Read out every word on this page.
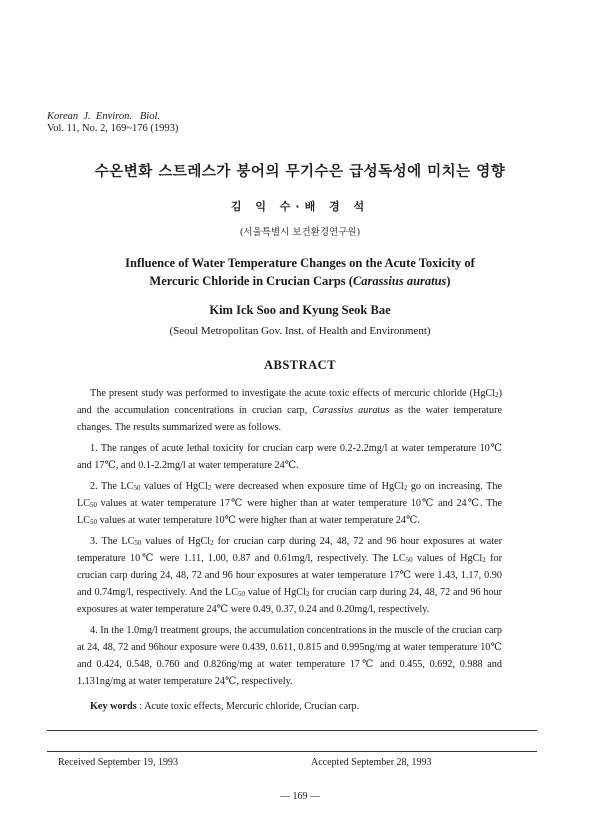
Korean J. Environ. Biol.
Vol. 11, No. 2, 169~176 (1993)
수온변화 스트레스가 붕어의 무기수은 급성독성에 미치는 영향
김 익 수·배 경 석
(서울특별시 보건환경연구원)
Influence of Water Temperature Changes on the Acute Toxicity of
Mercuric Chloride in Crucian Carps (Carassius auratus)
Kim Ick Soo and Kyung Seok Bae
(Seoul Metropolitan Gov. Inst. of Health and Environment)
ABSTRACT

The present study was performed to investigate the acute toxic effects of mercuric chloride (HgCl$_2$) and the accumulation concentrations in crucian carp, Carassius auratus as the water temperature changes. The results summarized were as follows.

1. The ranges of acute lethal toxicity for crucian carp were 0.2-2.2mg/l at water temperature 10℃ and 17℃, and 0.1-2.2mg/l at water temperature 24℃.

2. The $LC_{50}$ values of HgCl$_2$ were decreased when exposure time of HgCl$_2$ go on increasing. The $LC_{50}$ values at water temperature 17℃ were higher than at water temperature 10℃ and 24℃. The $LC_{50}$ values at water temperature 10℃ were higher than at water temperature 24℃.

3. The $LC_{50}$ values of HgCl$_2$ for crucian carp during 24, 48, 72 and 96 hour exposures at water temperature 10℃ were 1.11, 1.00, 0.87 and 0.61mg/l, respectively. The $LC_{50}$ values of HgCl$_2$ for crucian carp during 24, 48, 72 and 96 hour exposures at water temperature 17℃ were 1.43, 1.17, 0.90 and 0.74mg/l, respectively. And the $LC_{50}$ value of HgCl$_2$ for crucian carp during 24, 48, 72 and 96 hour exposures at water temperature 24℃ were 0.49, 0.37, 0.24 and 0.20mg/l, respectively.

4. In the 1.0mg/l treatment groups, the accumulation concentrations in the muscle of the crucian carp at 24, 48, 72 and 96hour exposure were 0.439, 0.611, 0.815 and 0.995ng/mg at water temperature 10℃ and 0.424, 0.548, 0.760 and 0.826ng/mg at water temperature 17℃ and 0.455, 0.692, 0.988 and 1.131ng/mg at water temperature 24℃, respectively.

Key words : Acute toxic effects, Mercuric chloride, Crucian carp.
Received September 19, 1993	Accepted September 28, 1993
— 169 —
